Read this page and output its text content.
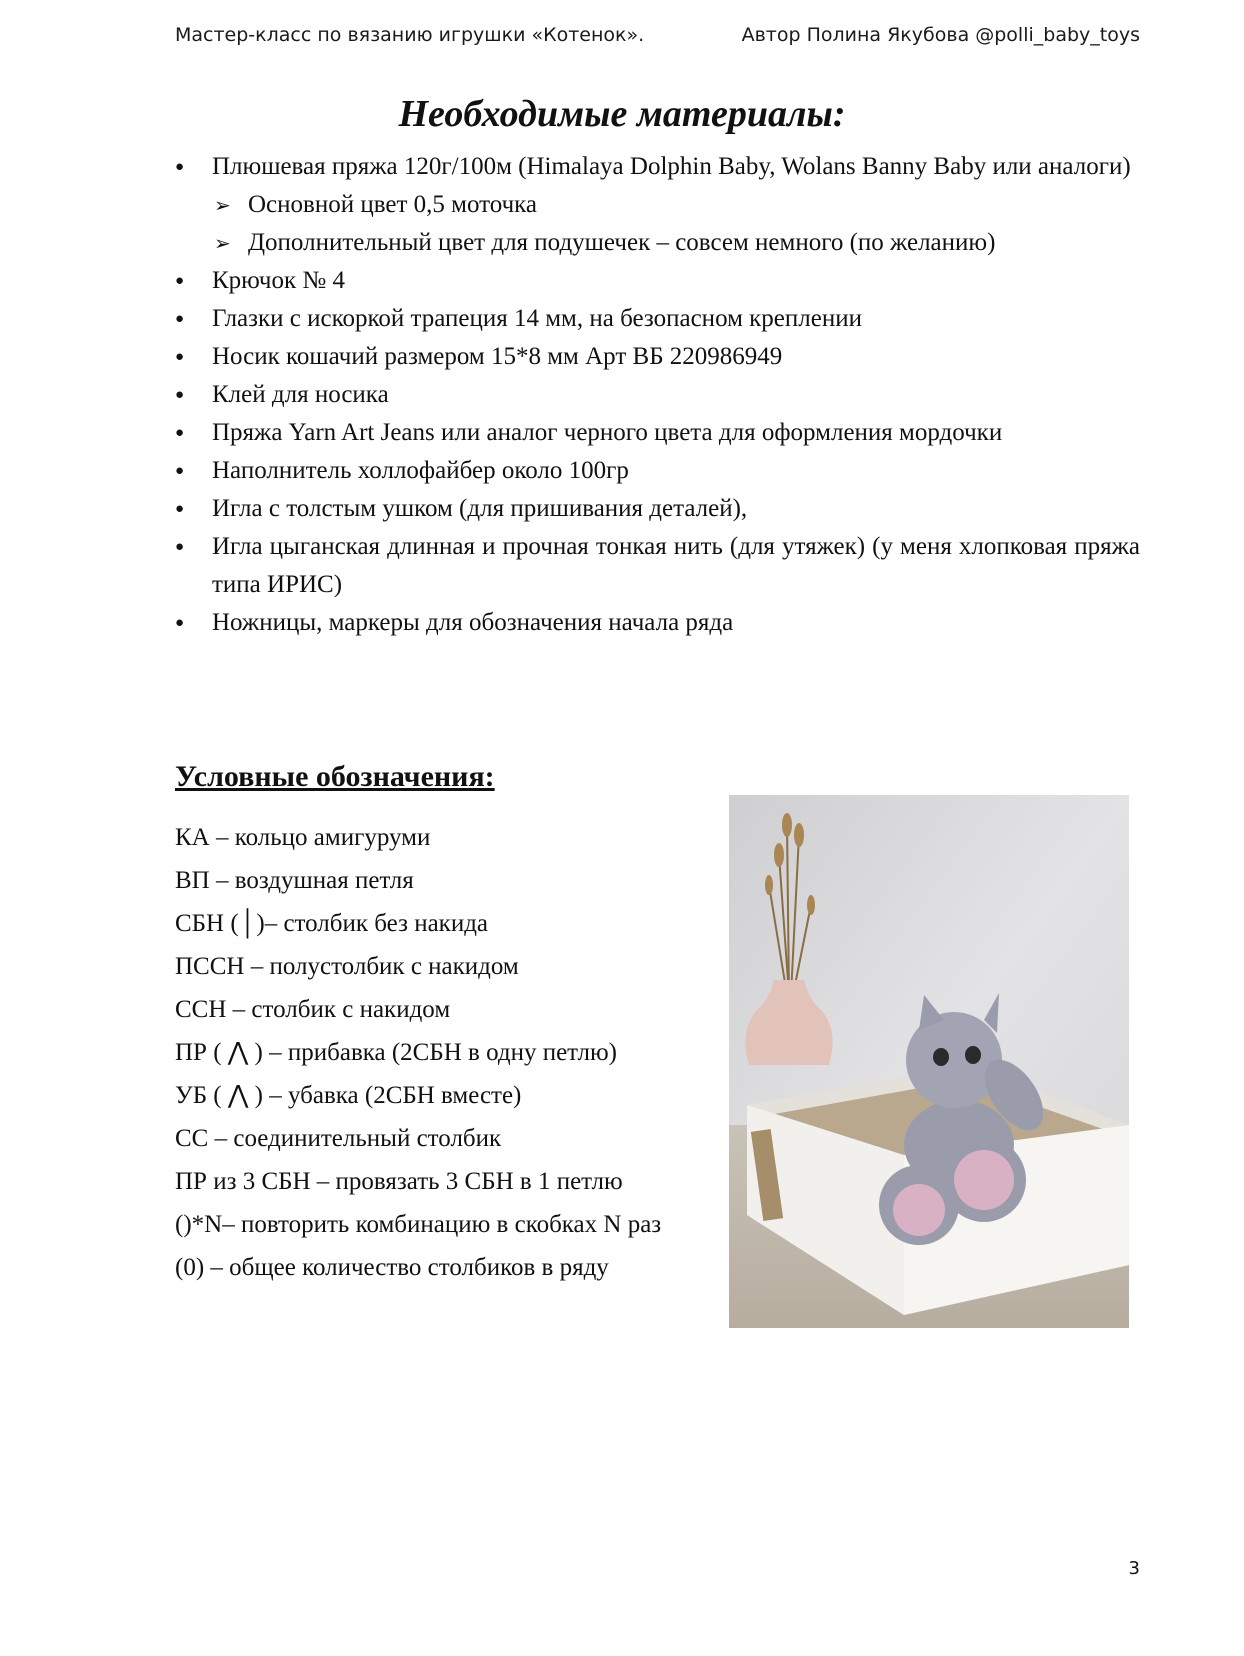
Мастер-класс по вязанию игрушки «Котенок».	Автор Полина Якубова @polli_baby_toys
Необходимые материалы:
● Плюшевая пряжа 120г/100м (Himalaya Dolphin Baby, Wolans Banny Baby или аналоги)
➢ Основной цвет 0,5 моточка
➢ Дополнительный цвет для подушечек – совсем немного (по желанию)
● Крючок № 4
● Глазки с искоркой трапеция 14 мм, на безопасном креплении
● Носик кошачий размером 15*8 мм Арт ВБ 220986949
● Клей для носика
● Пряжа Yarn Art Jeans или аналог черного цвета для оформления мордочки
● Наполнитель холлофайбер около 100гр
● Игла с толстым ушком (для пришивания деталей),
● Игла цыганская длинная и прочная тонкая нить (для утяжек) (у меня хлопковая пряжа типа ИРИС)
● Ножницы, маркеры для обозначения начала ряда
Условные обозначения:
КА – кольцо амигуруми
ВП – воздушная петля
СБН (│)– столбик без накида
ПССН – полустолбик с накидом
ССН – столбик с накидом
ПР ( ⋀ ) – прибавка (2СБН в одну петлю)
УБ ( ⋀ ) – убавка (2СБН вместе)
СС – соединительный столбик
ПР из 3 СБН – провязать 3 СБН в 1 петлю
()*N– повторить комбинацию в скобках N раз
(0) – общее количество столбиков в ряду
3
